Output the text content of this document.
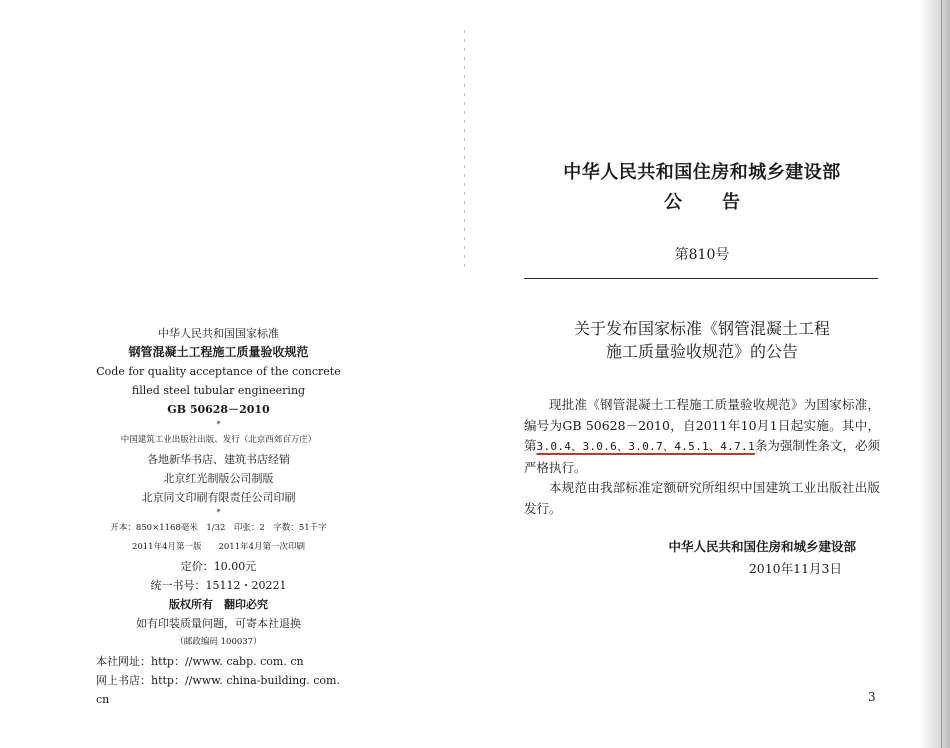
中华人民共和国国家标准
钢管混凝土工程施工质量验收规范
Code for quality acceptance of the concrete
filled steel tubular engineering
GB 50628－2010
*
中国建筑工业出版社出版、发行（北京西郊百万庄）
各地新华书店、建筑书店经销
北京红光制版公司制版
北京同文印刷有限责任公司印刷
*
开本：850×1168毫米　1/32　印张：2　字数：51千字
2011年4月第一版　　2011年4月第一次印刷
定价：10.00元
统一书号：15112・20221
版权所有　翻印必究
如有印装质量问题，可寄本社退换
（邮政编码 100037）
本社网址：http：//www. cabp. com. cn
网上书店：http：//www. china-building. com. cn
中华人民共和国住房和城乡建设部
公 告
第810号
关于发布国家标准《钢管混凝土工程
施工质量验收规范》的公告

现批准《钢管混凝土工程施工质量验收规范》为国家标准，编号为GB 50628－2010，自2011年10月1日起实施。其中，第3.0.4、3.0.6、3.0.7、4.5.1、4.7.1条为强制性条文，必须严格执行。

本规范由我部标准定额研究所组织中国建筑工业出版社出版发行。

中华人民共和国住房和城乡建设部
2010年11月3日
3
